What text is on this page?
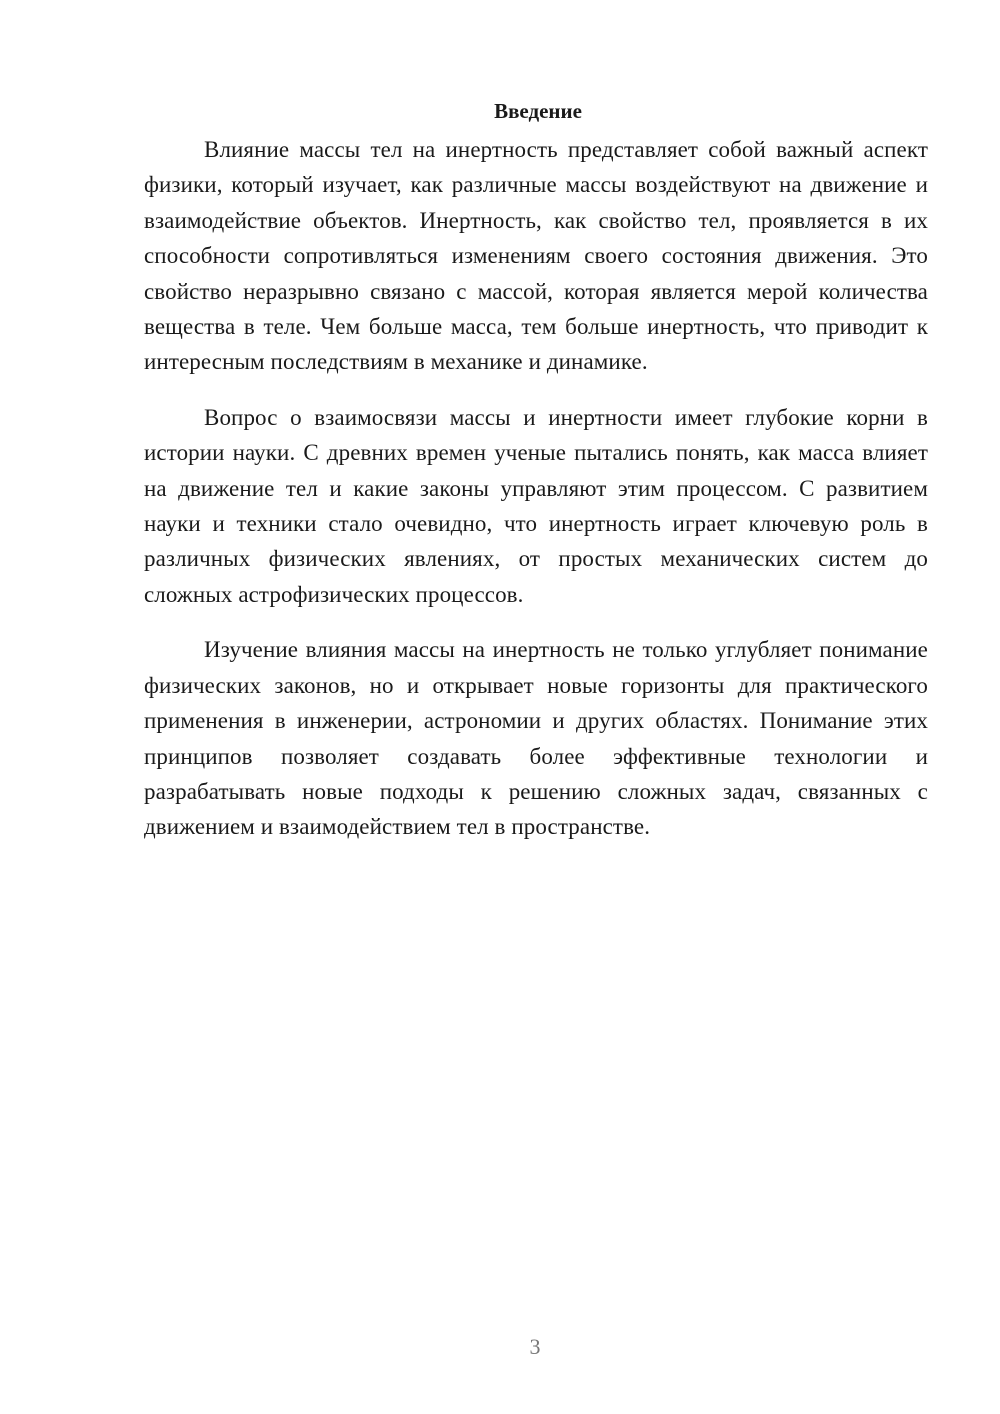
Введение

Влияние массы тел на инертность представляет собой важный аспект физики, который изучает, как различные массы воздействуют на движение и взаимодействие объектов. Инертность, как свойство тел, проявляется в их способности сопротивляться изменениям своего состояния движения. Это свойство неразрывно связано с массой, которая является мерой количества вещества в теле. Чем больше масса, тем больше инертность, что приводит к интересным последствиям в механике и динамике.

Вопрос о взаимосвязи массы и инертности имеет глубокие корни в истории науки. С древних времен ученые пытались понять, как масса влияет на движение тел и какие законы управляют этим процессом. С развитием науки и техники стало очевидно, что инертность играет ключевую роль в различных физических явлениях, от простых механических систем до сложных астрофизических процессов.

Изучение влияния массы на инертность не только углубляет понимание физических законов, но и открывает новые горизонты для практического применения в инженерии, астрономии и других областях. Понимание этих принципов позволяет создавать более эффективные технологии и разрабатывать новые подходы к решению сложных задач, связанных с движением и взаимодействием тел в пространстве.

3
